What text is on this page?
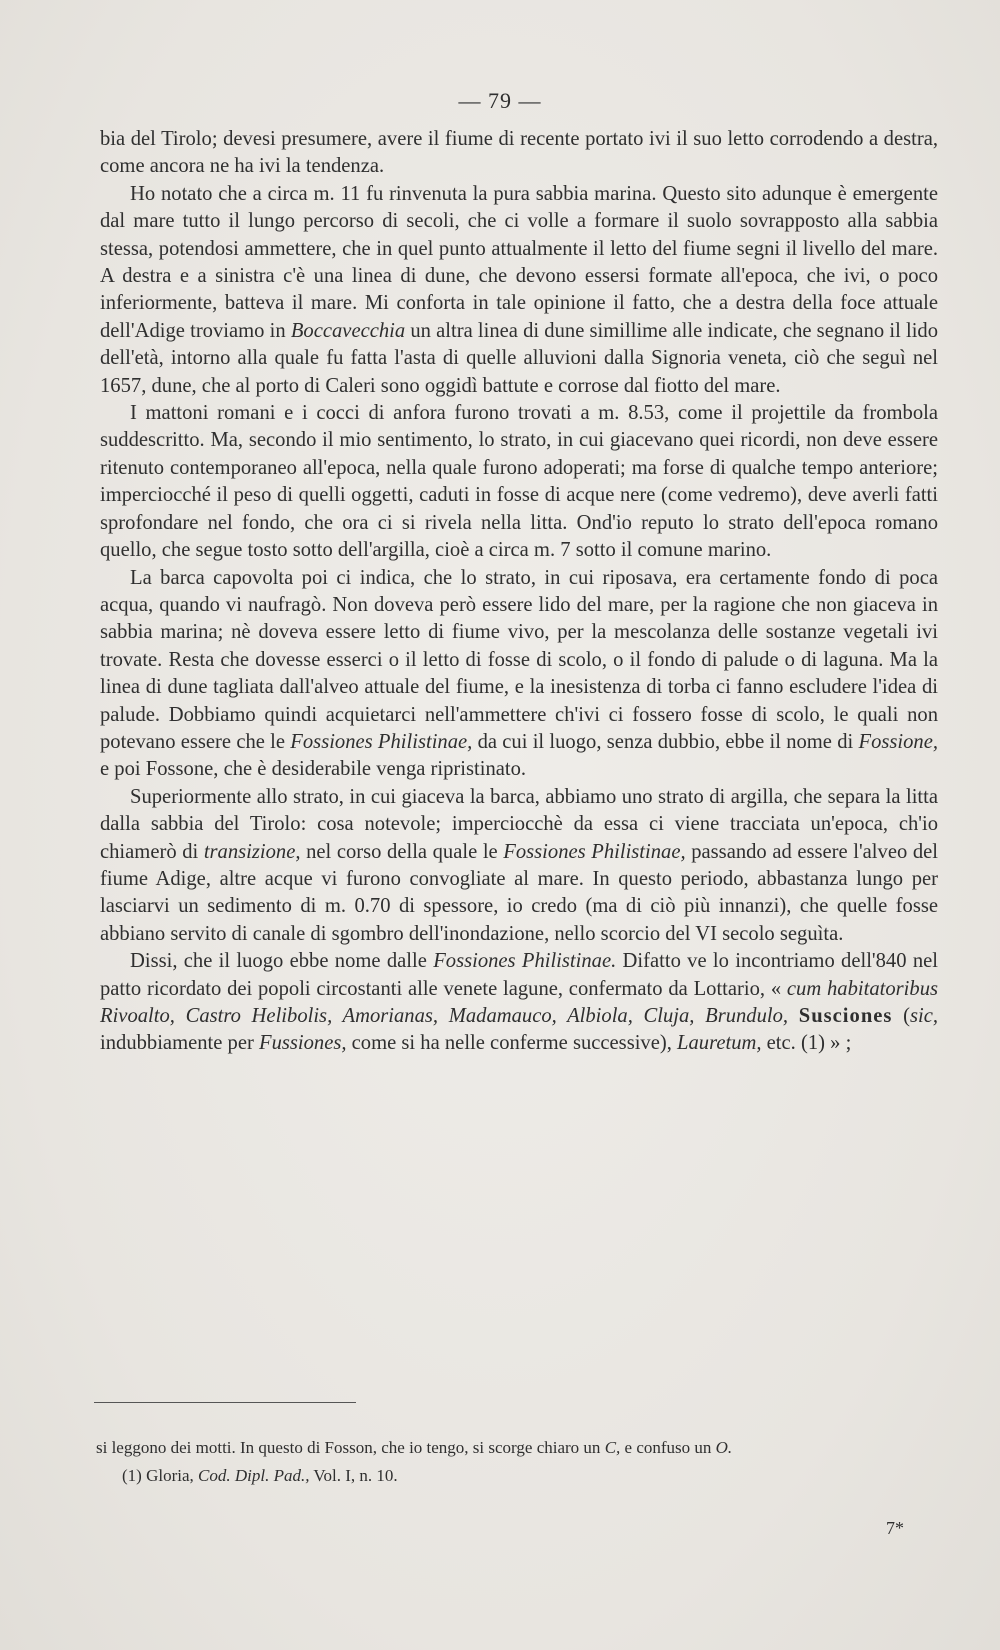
— 79 —

bia del Tirolo; devesi presumere, avere il fiume di recente portato ivi il suo letto corrodendo a destra, come ancora ne ha ivi la tendenza.

Ho notato che a circa m. 11 fu rinvenuta la pura sabbia marina. Questo sito adunque è emergente dal mare tutto il lungo percorso di secoli, che ci volle a formare il suolo sovrapposto alla sabbia stessa, potendosi ammettere, che in quel punto attualmente il letto del fiume segni il livello del mare. A destra e a sinistra c'è una linea di dune, che devono essersi formate all'epoca, che ivi, o poco inferiormente, batteva il mare. Mi conforta in tale opinione il fatto, che a destra della foce attuale dell'Adige troviamo in Boccavecchia un altra linea di dune simillime alle indicate, che segnano il lido dell'età, intorno alla quale fu fatta l'asta di quelle alluvioni dalla Signoria veneta, ciò che seguì nel 1657, dune, che al porto di Caleri sono oggidì battute e corrose dal fiotto del mare.

I mattoni romani e i cocci di anfora furono trovati a m. 8.53, come il projettile da frombola suddescritto. Ma, secondo il mio sentimento, lo strato, in cui giacevano quei ricordi, non deve essere ritenuto contemporaneo all'epoca, nella quale furono adoperati; ma forse di qualche tempo anteriore; imperciocché il peso di quelli oggetti, caduti in fosse di acque nere (come vedremo), deve averli fatti sprofondare nel fondo, che ora ci si rivela nella litta. Ond'io reputo lo strato dell'epoca romano quello, che segue tosto sotto dell'argilla, cioè a circa m. 7 sotto il comune marino.

La barca capovolta poi ci indica, che lo strato, in cui riposava, era certamente fondo di poca acqua, quando vi naufragò. Non doveva però essere lido del mare, per la ragione che non giaceva in sabbia marina; nè doveva essere letto di fiume vivo, per la mescolanza delle sostanze vegetali ivi trovate. Resta che dovesse esserci o il letto di fosse di scolo, o il fondo di palude o di laguna. Ma la linea di dune tagliata dall'alveo attuale del fiume, e la inesistenza di torba ci fanno escludere l'idea di palude. Dobbiamo quindi acquietarci nell'ammettere ch'ivi ci fossero fosse di scolo, le quali non potevano essere che le Fossiones Philistinae, da cui il luogo, senza dubbio, ebbe il nome di Fossione, e poi Fossone, che è desiderabile venga ripristinato.

Superiormente allo strato, in cui giaceva la barca, abbiamo uno strato di argilla, che separa la litta dalla sabbia del Tirolo: cosa notevole; imperciocchè da essa ci viene tracciata un'epoca, ch'io chiamerò di transizione, nel corso della quale le Fossiones Philistinae, passando ad essere l'alveo del fiume Adige, altre acque vi furono convogliate al mare. In questo periodo, abbastanza lungo per lasciarvi un sedimento di m. 0.70 di spessore, io credo (ma di ciò più innanzi), che quelle fosse abbiano servito di canale di sgombro dell'inondazione, nello scorcio del VI secolo seguìta.

Dissi, che il luogo ebbe nome dalle Fossiones Philistinae. Difatto ve lo incontriamo dell'840 nel patto ricordato dei popoli circostanti alle venete lagune, confermato da Lottario, « cum habitatoribus Rivoalto, Castro Helibolis, Amorianas, Madamauco, Albiola, Cluja, Brundulo, Susciones (sic, indubbiamente per Fussiones, come si ha nelle conferme successive), Lauretum, etc. (1) » ;

si leggono dei motti. In questo di Fosson, che io tengo, si scorge chiaro un C, e confuso un O.

(1) Gloria, Cod. Dipl. Pad., Vol. I, n. 10.

7*
